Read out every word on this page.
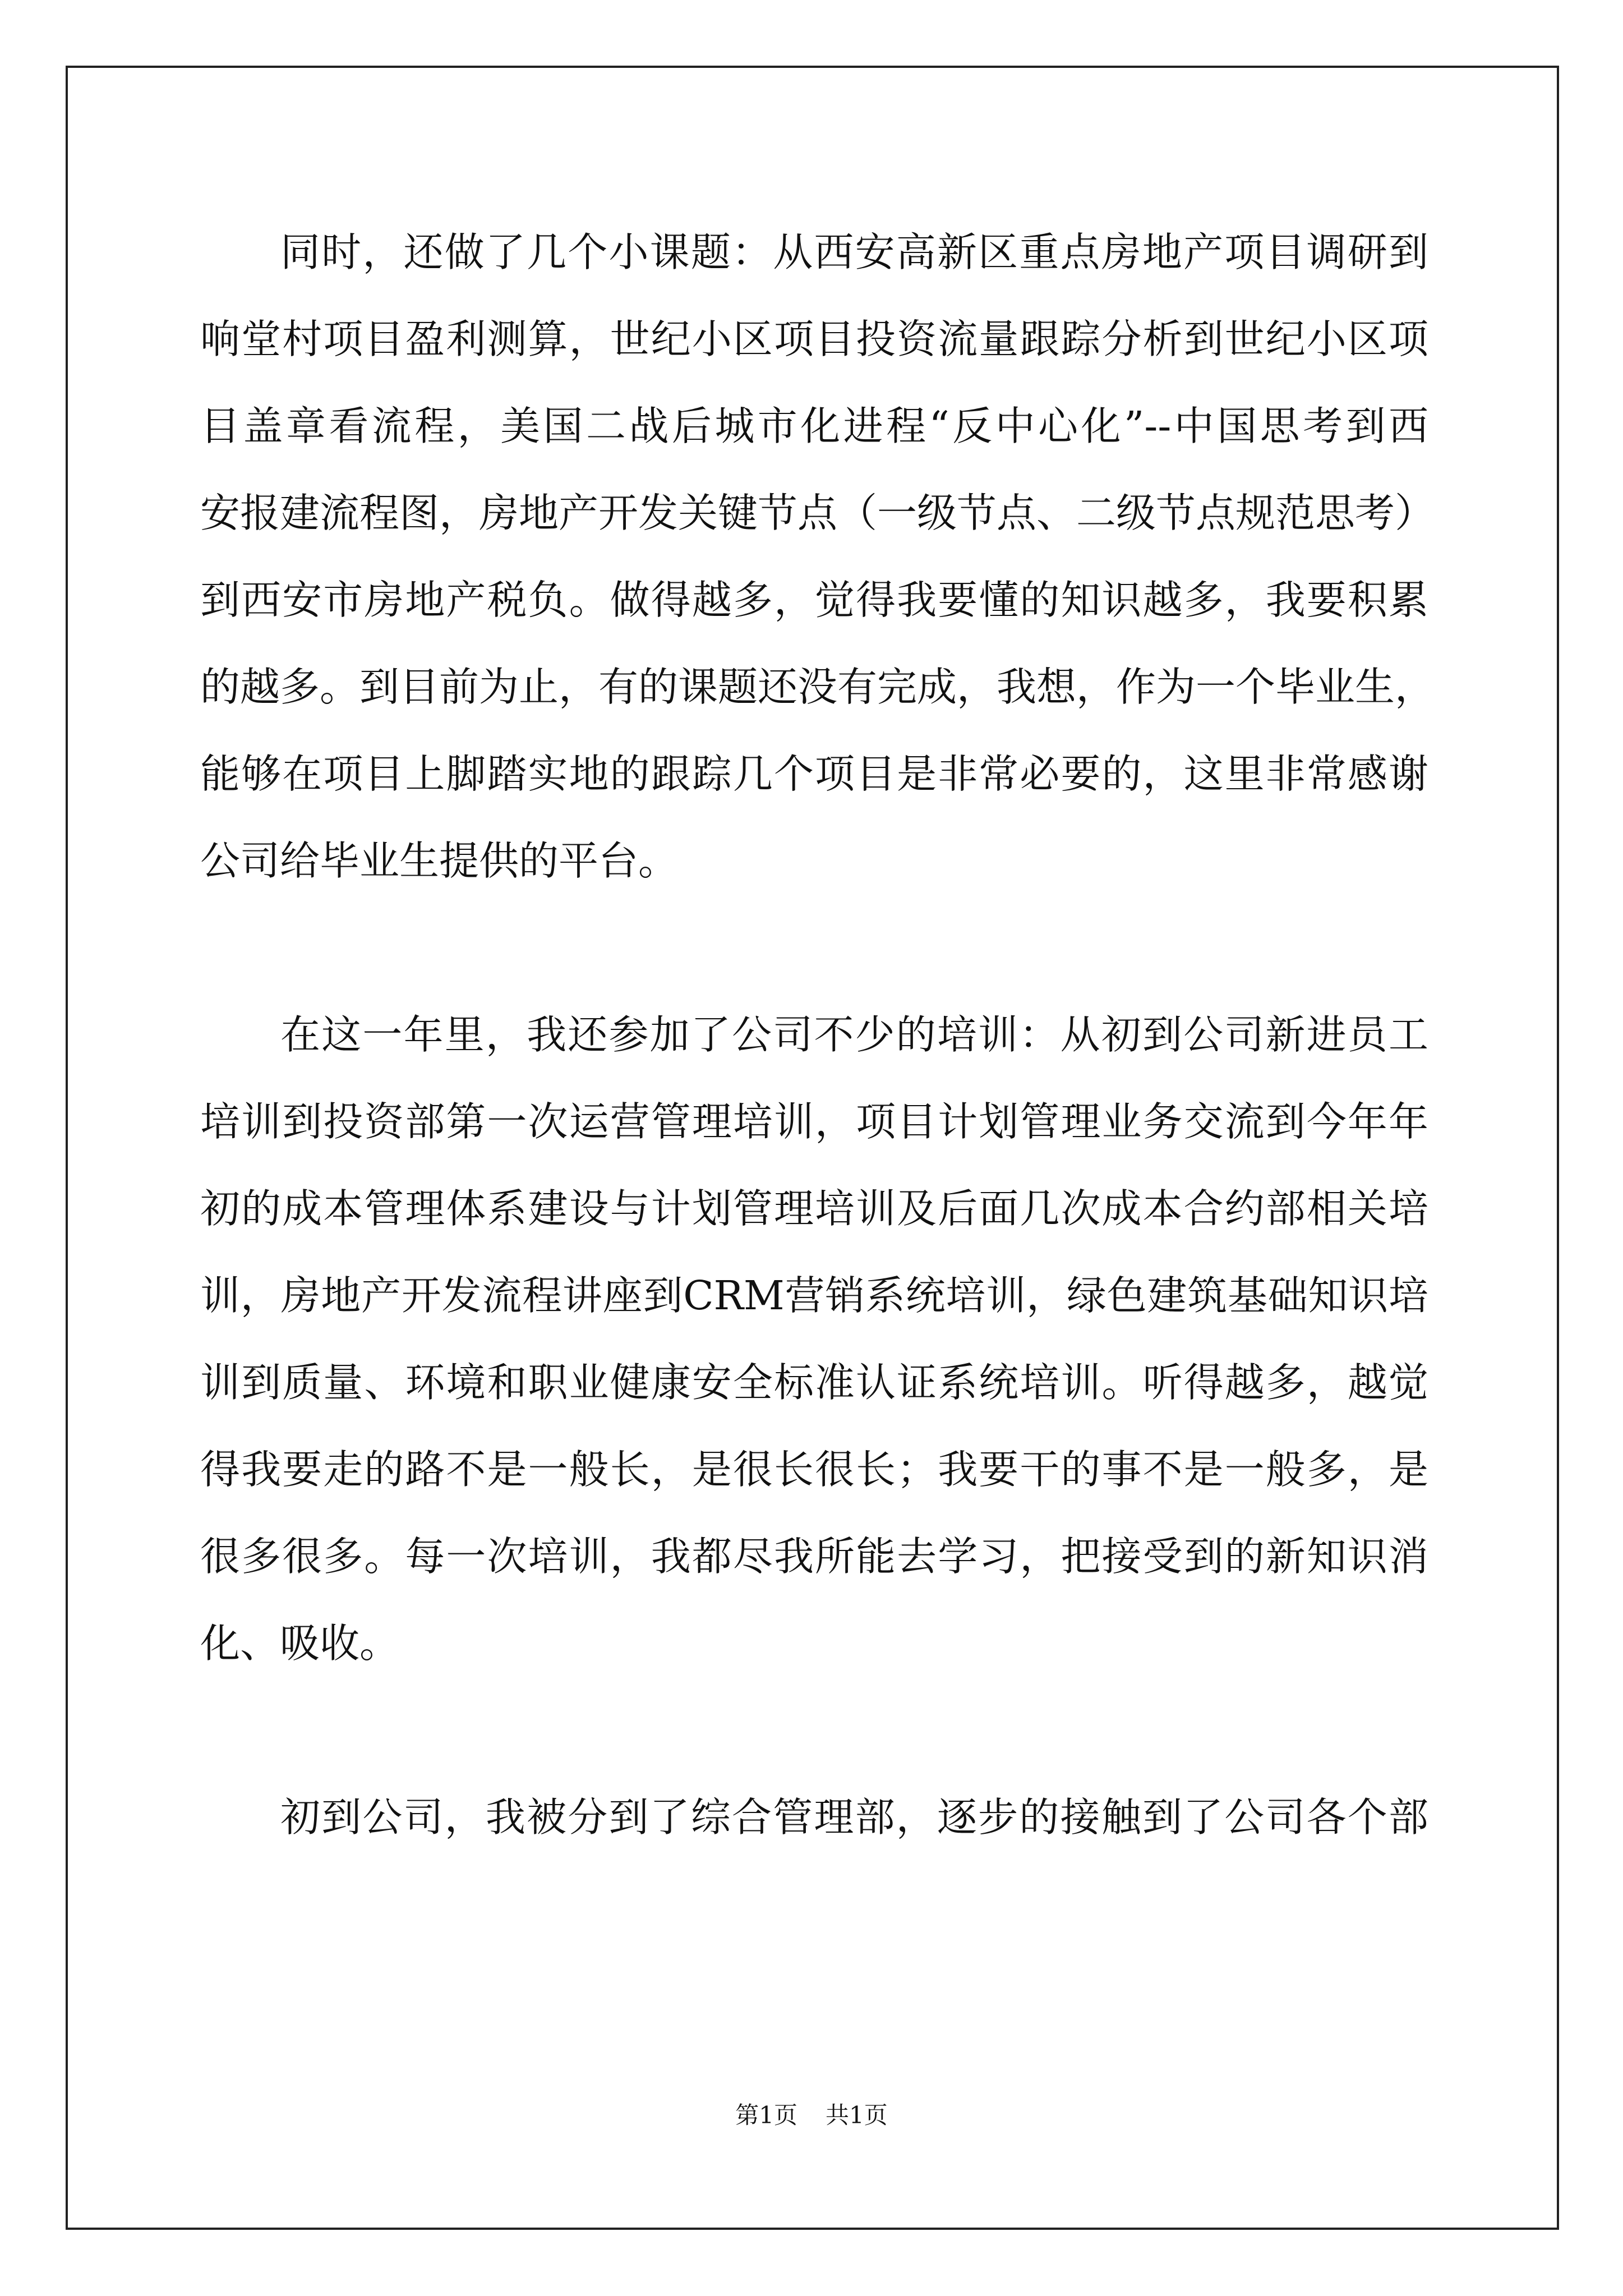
同时，还做了几个小课题：从西安高新区重点房地产项目调研到
响堂村项目盈利测算，世纪小区项目投资流量跟踪分析到世纪小区项
目盖章看流程，美国二战后城市化进程“反中心化”--中国思考到西
安报建流程图，房地产开发关键节点（一级节点、二级节点规范思考）
到西安市房地产税负。做得越多，觉得我要懂的知识越多，我要积累
的越多。到目前为止，有的课题还没有完成，我想，作为一个毕业生，
能够在项目上脚踏实地的跟踪几个项目是非常必要的，这里非常感谢
公司给毕业生提供的平台。
在这一年里，我还参加了公司不少的培训：从初到公司新进员工
培训到投资部第一次运营管理培训，项目计划管理业务交流到今年年
初的成本管理体系建设与计划管理培训及后面几次成本合约部相关培
训，房地产开发流程讲座到CRM营销系统培训，绿色建筑基础知识培
训到质量、环境和职业健康安全标准认证系统培训。听得越多，越觉
得我要走的路不是一般长，是很长很长；我要干的事不是一般多，是
很多很多。每一次培训，我都尽我所能去学习，把接受到的新知识消
化、吸收。
初到公司，我被分到了综合管理部，逐步的接触到了公司各个部
第1页 共1页
